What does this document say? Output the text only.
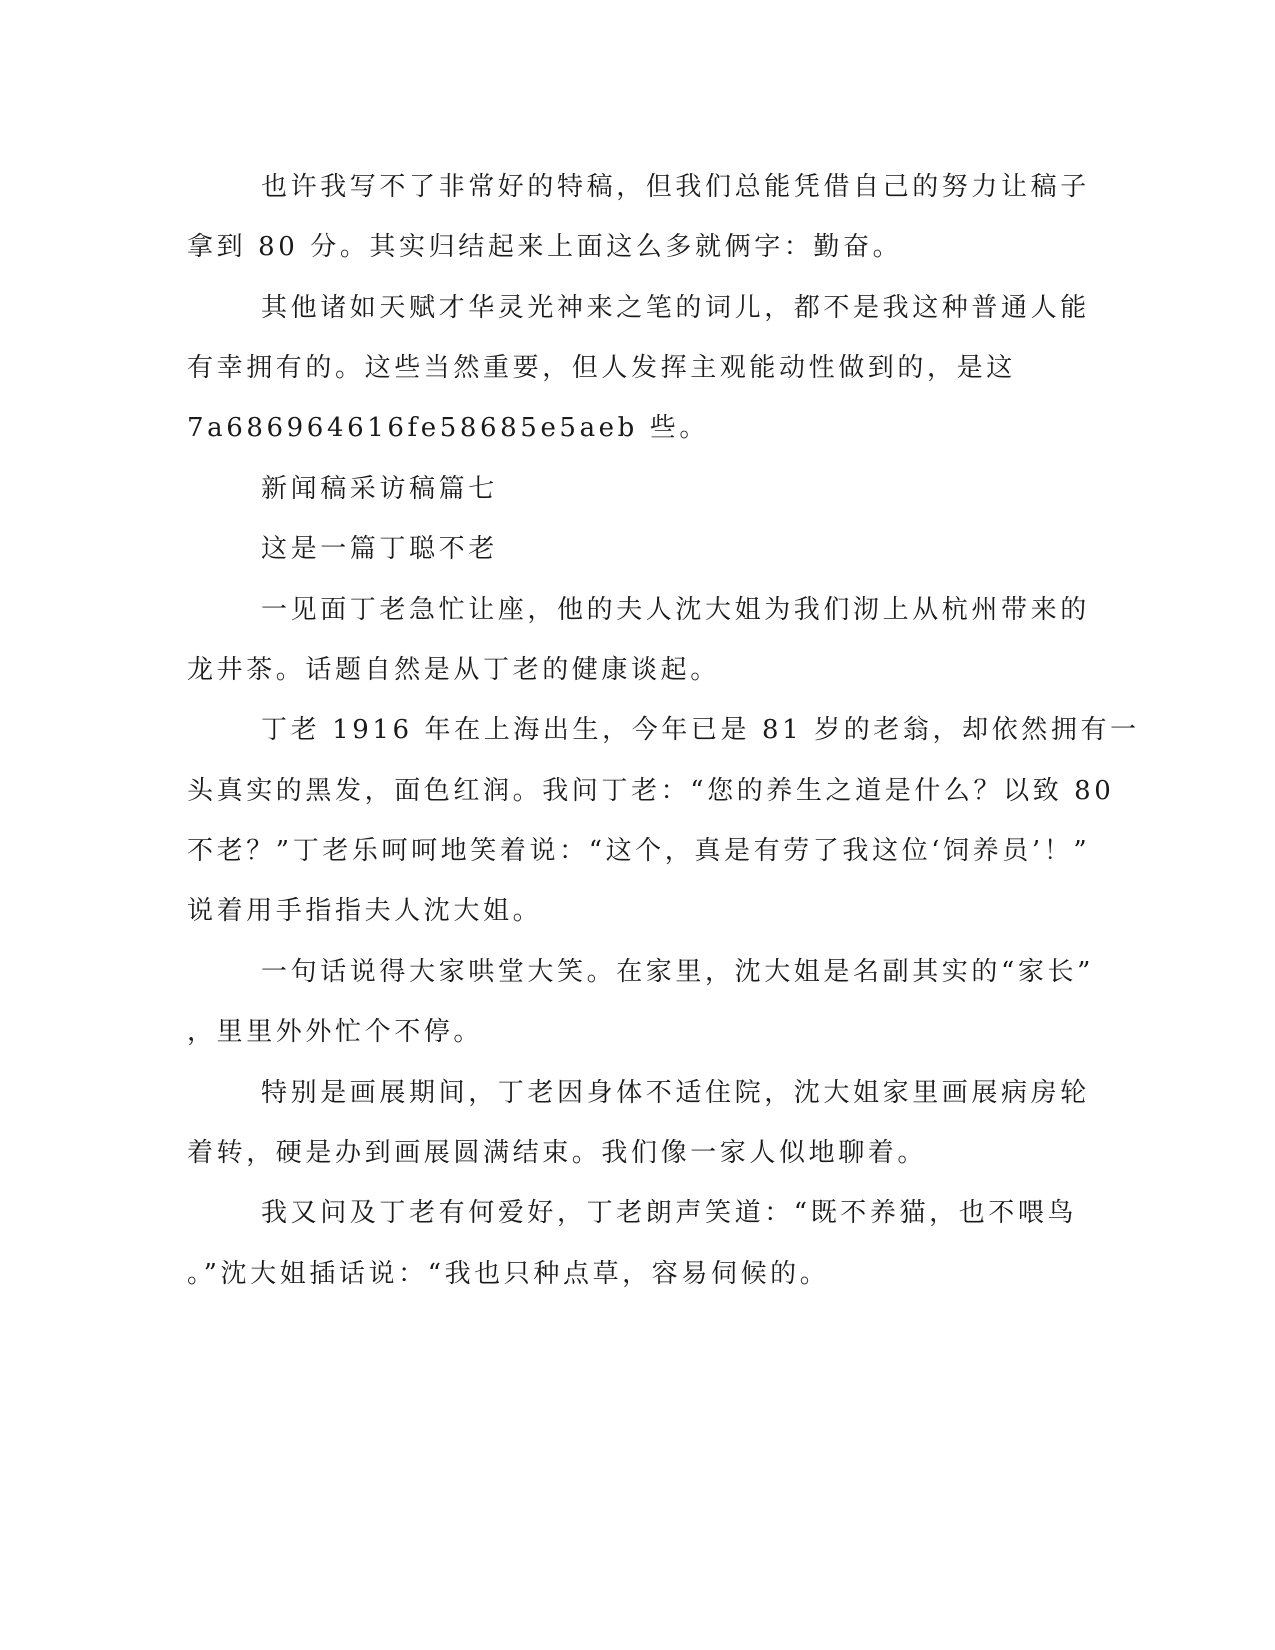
也许我写不了非常好的特稿，但我们总能凭借自己的努力让稿子
拿到 80 分。其实归结起来上面这么多就俩字：勤奋。
其他诸如天赋才华灵光神来之笔的词儿，都不是我这种普通人能
有幸拥有的。这些当然重要，但人发挥主观能动性做到的，是这
7a686964616fe58685e5aeb 些。
新闻稿采访稿篇七
这是一篇丁聪不老
一见面丁老急忙让座，他的夫人沈大姐为我们沏上从杭州带来的
龙井茶。话题自然是从丁老的健康谈起。
丁老 1916 年在上海出生，今年已是 81 岁的老翁，却依然拥有一
头真实的黑发，面色红润。我问丁老：“您的养生之道是什么？以致 80
不老？”丁老乐呵呵地笑着说：“这个，真是有劳了我这位‘饲养员’！”
说着用手指指夫人沈大姐。
一句话说得大家哄堂大笑。在家里，沈大姐是名副其实的“家长”
，里里外外忙个不停。
特别是画展期间，丁老因身体不适住院，沈大姐家里画展病房轮
着转，硬是办到画展圆满结束。我们像一家人似地聊着。
我又问及丁老有何爱好，丁老朗声笑道：“既不养猫，也不喂鸟
。”沈大姐插话说：“我也只种点草，容易伺候的。
